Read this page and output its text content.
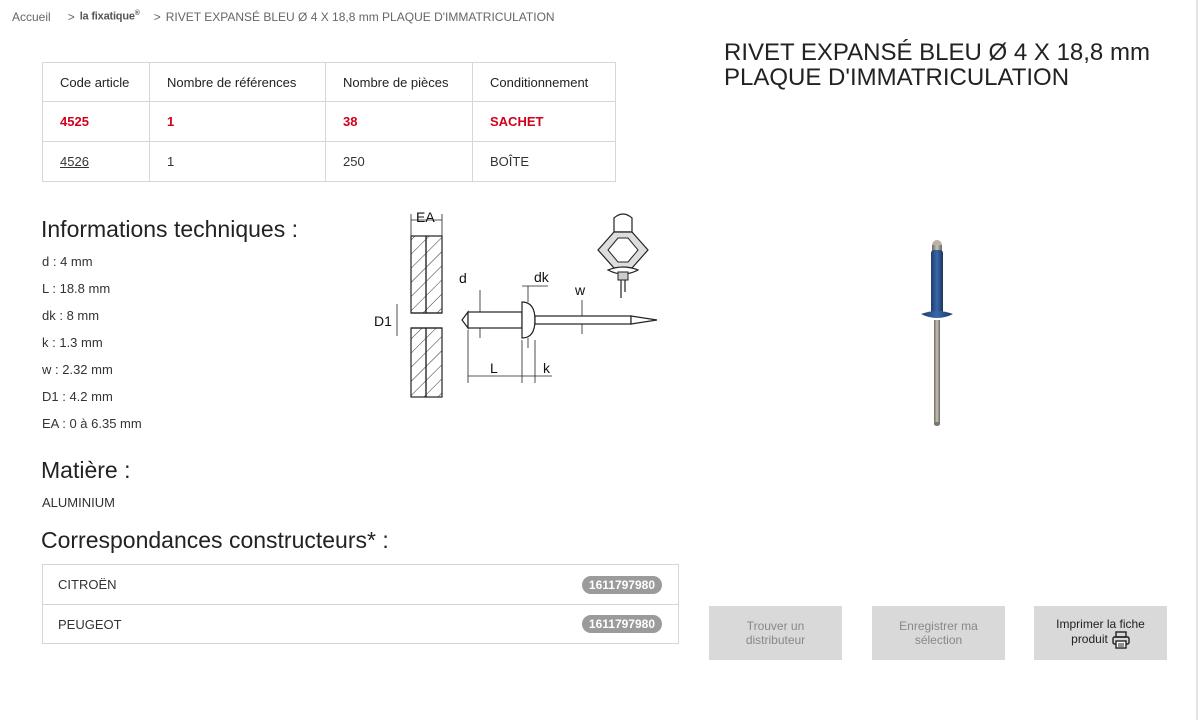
Accueil > la fixatique® > RIVET EXPANSÉ BLEU Ø 4 X 18,8 mm PLAQUE D'IMMATRICULATION
Code article	Nombre de références	Nombre de pièces	Conditionnement
4525	1	38	SACHET
4526	1	250	BOÎTE
Informations techniques :
d : 4 mm
L : 18.8 mm
dk : 8 mm
k : 1.3 mm
w : 2.32 mm
D1 : 4.2 mm
EA : 0 à 6.35 mm
EA
D1
d	dk
w
L	k
Matière :
ALUMINIUM
Correspondances constructeurs* :
CITROËN	1611797980
PEUGEOT	1611797980
RIVET EXPANSÉ BLEU Ø 4 X 18,8 mm
PLAQUE D'IMMATRICULATION
Trouver un
distributeur
Enregistrer ma
sélection
Imprimer la fiche
produit
